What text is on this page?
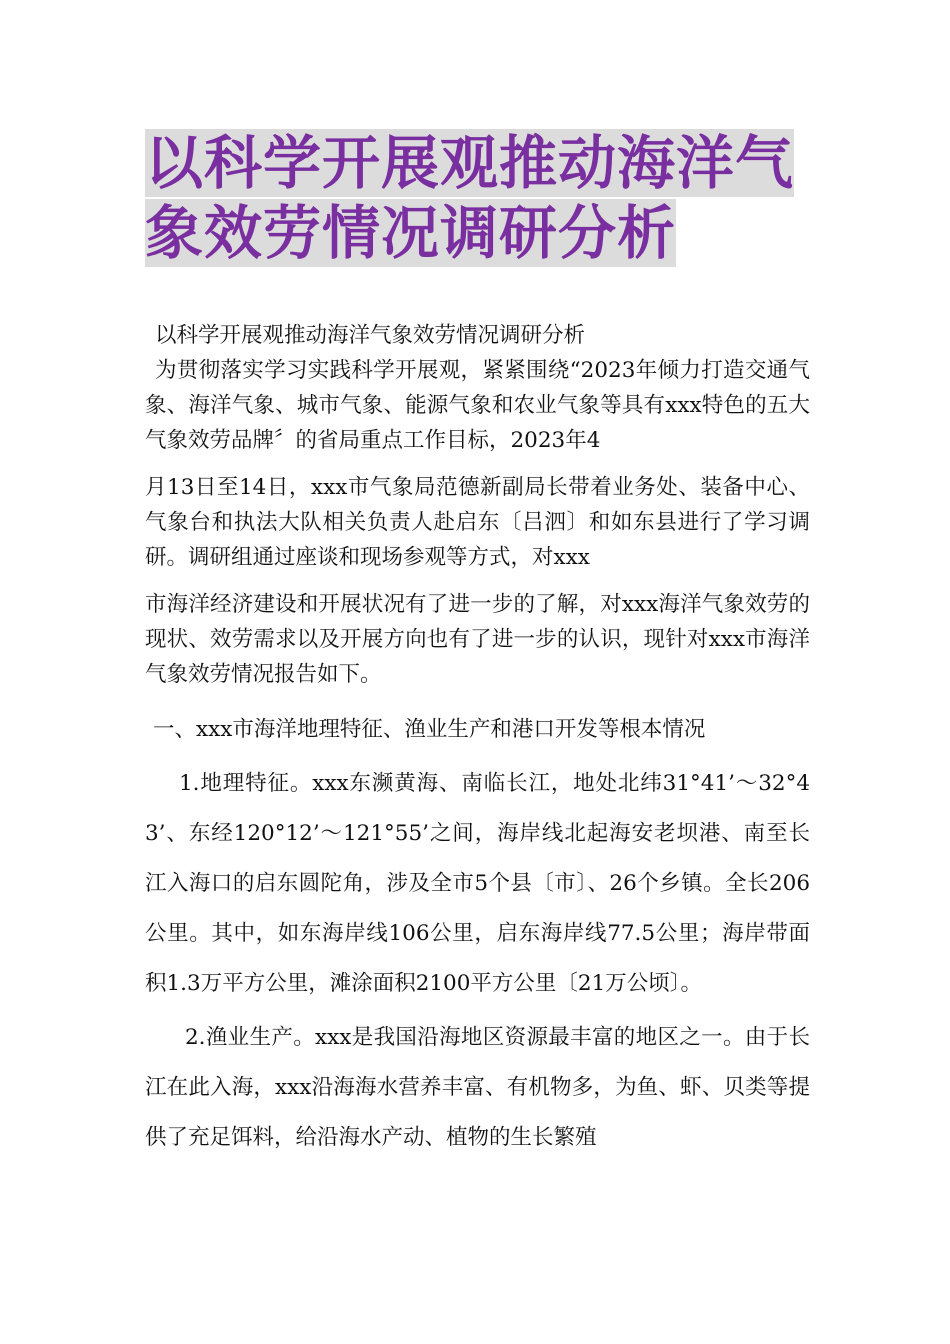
以科学开展观推动海洋气象效劳情况调研分析

以科学开展观推动海洋气象效劳情况调研分析

为贯彻落实学习实践科学开展观，紧紧围绕“2023年倾力打造交通气象、海洋气象、城市气象、能源气象和农业气象等具有xxx特色的五大气象效劳品牌〞的省局重点工作目标，2023年4

月13日至14日，xxx市气象局范德新副局长带着业务处、装备中心、气象台和执法大队相关负责人赴启东〔吕泗〕和如东县进行了学习调研。调研组通过座谈和现场参观等方式，对xxx

市海洋经济建设和开展状况有了进一步的了解，对xxx海洋气象效劳的现状、效劳需求以及开展方向也有了进一步的认识，现针对xxx市海洋气象效劳情况报告如下。

一、xxx市海洋地理特征、渔业生产和港口开发等根本情况

1.地理特征。xxx东濒黄海、南临长江，地处北纬31°41’～32°43’、东经120°12’～121°55’之间，海岸线北起海安老坝港、南至长江入海口的启东圆陀角，涉及全市5个县〔市〕、26个乡镇。全长206公里。其中，如东海岸线106公里，启东海岸线77.5公里；海岸带面积1.3万平方公里，滩涂面积2100平方公里〔21万公顷〕。

2.渔业生产。xxx是我国沿海地区资源最丰富的地区之一。由于长江在此入海，xxx沿海海水营养丰富、有机物多，为鱼、虾、贝类等提供了充足饵料，给沿海水产动、植物的生长繁殖
